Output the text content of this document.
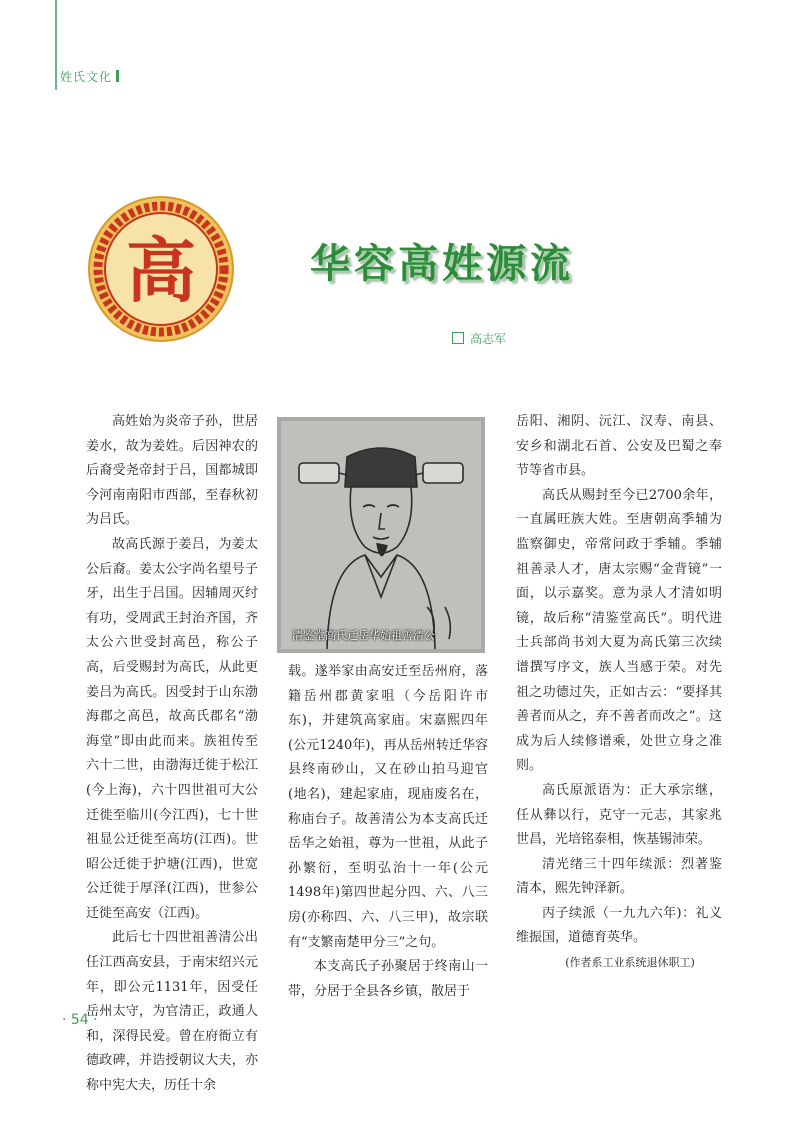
姓氏文化
高	华容高姓源流
高志军

高姓始为炎帝子孙，世居姜水，故为姜姓。后因神农的后裔受尧帝封于吕，国都城即今河南南阳市西部，至春秋初为吕氏。

故高氏源于姜吕，为姜太公后裔。姜太公字尚名望号子牙，出生于吕国。因辅周灭纣有功，受周武王封治齐国，齐太公六世受封高邑，称公子高，后受赐封为高氏，从此更姜吕为高氏。因受封于山东渤海郡之高邑，故高氏郡名“渤海堂”即由此而来。族祖传至六十二世，由渤海迁徙于松江(今上海)，六十四世祖可大公迁徙至临川(今江西)，七十世祖显公迁徙至高坊(江西)。世昭公迁徙于护塘(江西)，世宽公迁徙于厚泽(江西)，世参公迁徙至高安（江西)。

此后七十四世祖善清公出任江西高安县，于南宋绍兴元年，即公元1131年，因受任岳州太守，为官清正，政通人和，深得民爱。曾在府衙立有德政碑，并诰授朝议大夫，亦称中宪大夫，历任十余

清鉴堂高氏迁岳华始祖善清公

载。遂举家由高安迁至岳州府，落籍岳州郡黄家咀（今岳阳许市东)，并建筑高家庙。宋嘉熙四年(公元1240年)，再从岳州转迁华容县终南砂山，又在砂山拍马迎官(地名)，建起家庙，现庙废名在，称庙台子。故善清公为本支高氏迁岳华之始祖，尊为一世祖，从此子孙繁衍，至明弘治十一年(公元1498年)第四世起分四、六、八三房(亦称四、六、八三甲)，故宗联有“支繁南楚甲分三”之句。

本支高氏子孙聚居于终南山一带，分居于全县各乡镇，散居于

岳阳、湘阴、沅江、汉寿、南县、安乡和湖北石首、公安及巴蜀之奉节等省市县。

高氏从赐封至今已2700余年，一直属旺族大姓。至唐朝高季辅为监察御史，帝常问政于季辅。季辅祖善录人才，唐太宗赐“金背镜”一面，以示嘉奖。意为录人才清如明镜，故后称“清鉴堂高氏”。明代进士兵部尚书刘大夏为高氏第三次续谱撰写序文，族人当感于荣。对先祖之功德过失，正如古云：“要择其善者而从之，弃不善者而改之”。这成为后人续修谱乘，处世立身之准则。

高氏原派语为：正大承宗继，任从彝以行，克守一元志，其家兆世昌，光培铭泰相，恢基锡沛荣。

清光绪三十四年续派：烈著鉴清本，熙先钟泽新。

丙子续派（一九九六年)：礼义维振国，道德育英华。

(作者系工业系统退休职工)

· 54 ·
